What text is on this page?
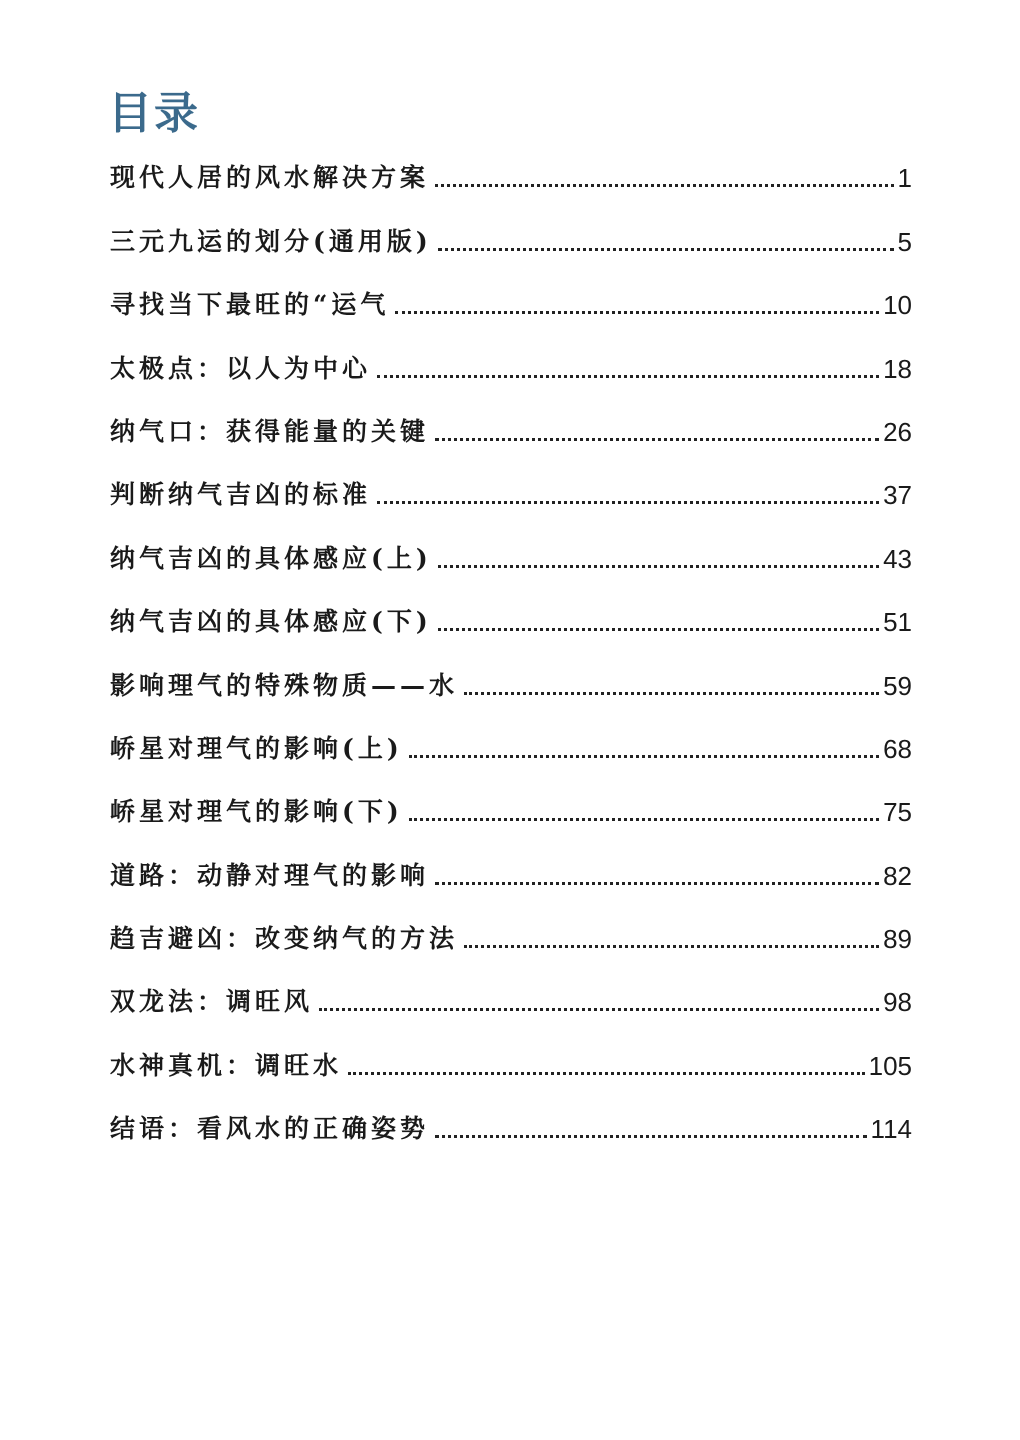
目录
现代人居的风水解决方案	1
三元九运的划分(通用版)	5
寻找当下最旺的“运气	10
太极点：以人为中心	18
纳气口：获得能量的关键	26
判断纳气吉凶的标准	37
纳气吉凶的具体感应(上)	43
纳气吉凶的具体感应(下)	51
影响理气的特殊物质——水	59
峤星对理气的影响(上)	68
峤星对理气的影响(下)	75
道路：动静对理气的影响	82
趋吉避凶：改变纳气的方法	89
双龙法：调旺风	98
水神真机：调旺水	105
结语：看风水的正确姿势	114
